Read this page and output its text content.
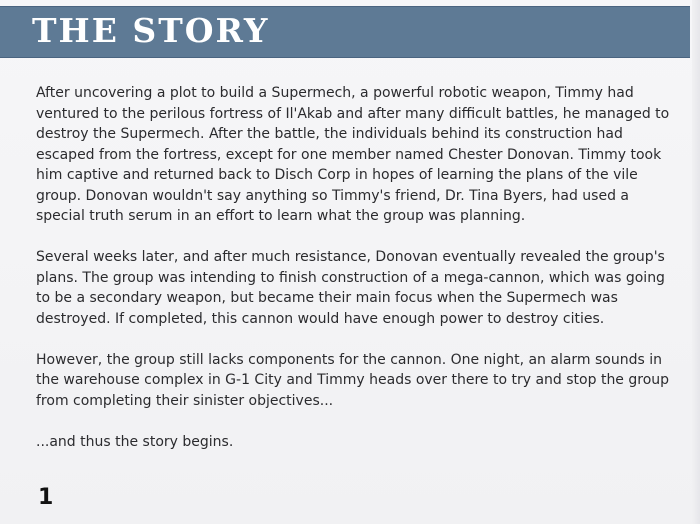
THE STORY

After uncovering a plot to build a Supermech, a powerful robotic weapon, Timmy had ventured to the perilous fortress of Il'Akab and after many difficult battles, he managed to destroy the Supermech. After the battle, the individuals behind its construction had escaped from the fortress, except for one member named Chester Donovan. Timmy took him captive and returned back to Disch Corp in hopes of learning the plans of the vile group. Donovan wouldn't say anything so Timmy's friend, Dr. Tina Byers, had used a special truth serum in an effort to learn what the group was planning.

Several weeks later, and after much resistance, Donovan eventually revealed the group's plans. The group was intending to finish construction of a mega-cannon, which was going to be a secondary weapon, but became their main focus when the Supermech was destroyed. If completed, this cannon would have enough power to destroy cities.

However, the group still lacks components for the cannon. One night, an alarm sounds in the warehouse complex in G-1 City and Timmy heads over there to try and stop the group from completing their sinister objectives...

...and thus the story begins.

1
